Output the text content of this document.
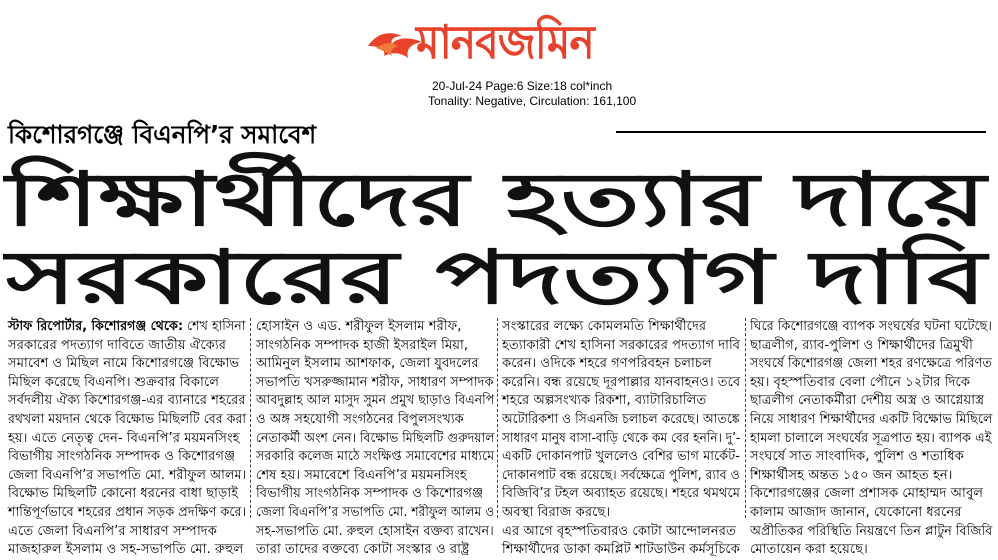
মানবজমিন
20-Jul-24 Page:6 Size:18 col*inch
Tonality: Negative, Circulation: 161,100
কিশোরগঞ্জে বিএনপি’র সমাবেশ
শিক্ষার্থীদের হত্যার দায়ে
সরকারের পদত্যাগ দাবি

স্টাফ রিপোর্টার, কিশোরগঞ্জ থেকে: শেখ হাসিনা

সরকারের পদত্যাগ দাবিতে জাতীয় ঐক্যের

সমাবেশ ও মিছিল নামে কিশোরগঞ্জে বিক্ষোভ

মিছিল করেছে বিএনপি। শুক্রবার বিকালে

সর্বদলীয় ঐক্য কিশোরগঞ্জ-এর ব্যানারে শহরের

রথখলা ময়দান থেকে বিক্ষোভ মিছিলটি বের করা

হয়। এতে নেতৃত্ব দেন- বিএনপি’র ময়মনসিংহ

বিভাগীয় সাংগঠনিক সম্পাদক ও কিশোরগঞ্জ

জেলা বিএনপি’র সভাপতি মো. শরীফুল আলম।

বিক্ষোভ মিছিলটি কোনো ধরনের বাধা ছাড়াই

শান্তিপূর্ণভাবে শহরের প্রধান সড়ক প্রদক্ষিণ করে।

এতে জেলা বিএনপি’র সাধারণ সম্পাদক

মাজহারুল ইসলাম ও সহ-সভাপতি মো. রুহুল

হোসাইন ও এড. শরীফুল ইসলাম শরীফ,

সাংগঠনিক সম্পাদক হাজী ইসরাইল মিয়া,

আমিনুল ইসলাম আশফাক, জেলা যুবদলের

সভাপতি খসরুজ্জামান শরীফ, সাধারণ সম্পাদক

আবদুল্লাহ আল মাসুদ সুমন প্রমুখ ছাড়াও বিএনপি

ও অঙ্গ সহযোগী সংগঠনের বিপুলসংখ্যক

নেতাকর্মী অংশ নেন। বিক্ষোভ মিছিলটি গুরুদয়াল

সরকারি কলেজ মাঠে সংক্ষিপ্ত সমাবেশের মাধ্যমে

শেষ হয়। সমাবেশে বিএনপি’র ময়মনসিংহ

বিভাগীয় সাংগঠনিক সম্পাদক ও কিশোরগঞ্জ

জেলা বিএনপি’র সভাপতি মো. শরীফুল আলম ও

সহ-সভাপতি মো. রুহুল হোসাইন বক্তব্য রাখেন।

তারা তাদের বক্তব্যে কোটা সংস্কার ও রাষ্ট্র

সংস্কারের লক্ষ্যে কোমলমতি শিক্ষার্থীদের

হত্যাকারী শেখ হাসিনা সরকারের পদত্যাগ দাবি

করেন। ওদিকে শহরে গণপরিবহন চলাচল

করেনি। বন্ধ রয়েছে দূরপাল্লার যানবাহনও। তবে

শহরে অল্পসংখ্যক রিকশা, ব্যাটারিচালিত

অটোরিকশা ও সিএনজি চলাচল করেছে। আতঙ্কে

সাধারণ মানুষ বাসা-বাড়ি থেকে কম বের হননি। দু’-

একটি দোকানপাট খুললেও বেশির ভাগ মার্কেট-

দোকানপাট বন্ধ রয়েছে। সর্বক্ষেত্রে পুলিশ, র‌্যাব ও

বিজিবি’র টহল অব্যাহত রয়েছে। শহরে থমথমে

অবস্থা বিরাজ করছে।

এর আগে বৃহস্পতিবারও কোটা আন্দোলনরত

শিক্ষার্থীদের ডাকা কমপ্লিট শাটডাউন কর্মসূচিকে

ঘিরে কিশোরগঞ্জে ব্যাপক সংঘর্ষের ঘটনা ঘটেছে।

ছাত্রলীগ, র‌্যাব-পুলিশ ও শিক্ষার্থীদের ত্রিমুখী

সংঘর্ষে কিশোরগঞ্জ জেলা শহর রণক্ষেত্রে পরিণত

হয়। বৃহস্পতিবার বেলা পৌনে ১২টার দিকে

ছাত্রলীগ নেতাকর্মীরা দেশীয় অস্ত্র ও আগ্নেয়াস্ত্র

নিয়ে সাধারণ শিক্ষার্থীদের একটি বিক্ষোভ মিছিলে

হামলা চালালে সংঘর্ষের সূত্রপাত হয়। ব্যাপক এই

সংঘর্ষে সাত সাংবাদিক, পুলিশ ও শতাধিক

শিক্ষার্থীসহ অন্তত ১৫০ জন আহত হন।

কিশোরগঞ্জের জেলা প্রশাসক মোহাম্মদ আবুল

কালাম আজাদ জানান, যেকোনো ধরনের

অপ্রীতিকর পরিস্থিতি নিয়ন্ত্রণে তিন প্লাটুন বিজিবি

মোতায়েন করা হয়েছে।
